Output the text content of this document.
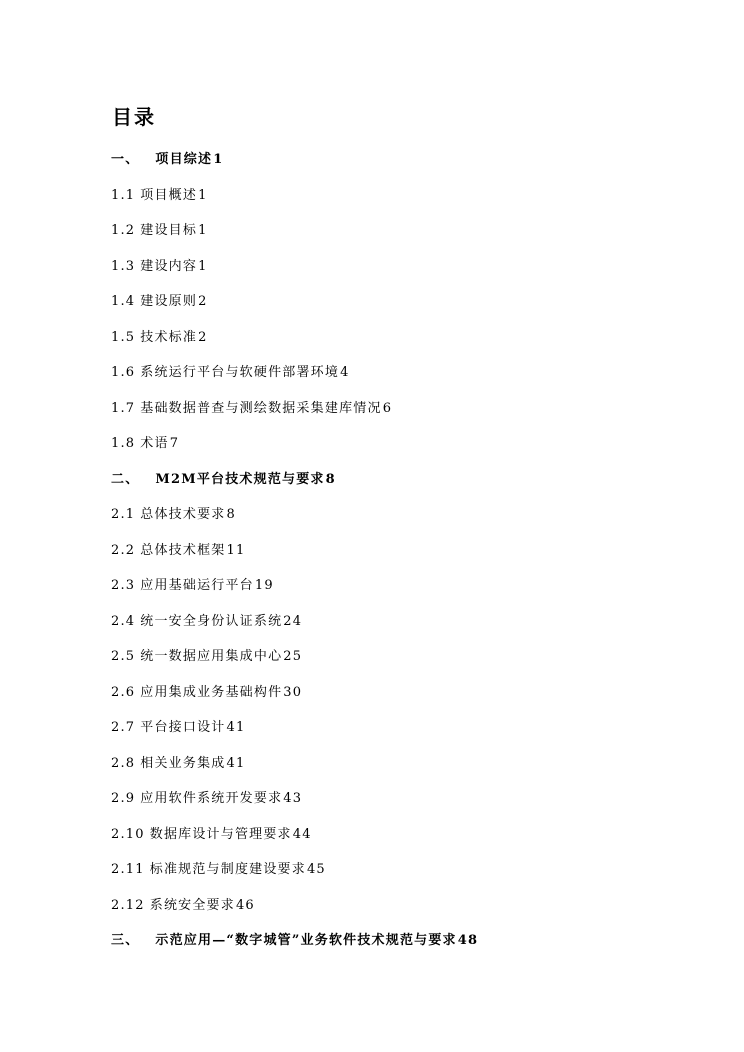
目录
一、 项目综述1
1.1 项目概述1
1.2 建设目标1
1.3 建设内容1
1.4 建设原则2
1.5 技术标准2
1.6 系统运行平台与软硬件部署环境4
1.7 基础数据普查与测绘数据采集建库情况6
1.8 术语7
二、 M2M平台技术规范与要求8
2.1 总体技术要求8
2.2 总体技术框架11
2.3 应用基础运行平台19
2.4 统一安全身份认证系统24
2.5 统一数据应用集成中心25
2.6 应用集成业务基础构件30
2.7 平台接口设计41
2.8 相关业务集成41
2.9 应用软件系统开发要求43
2.10 数据库设计与管理要求44
2.11 标准规范与制度建设要求45
2.12 系统安全要求46
三、 示范应用—“数字城管”业务软件技术规范与要求48
